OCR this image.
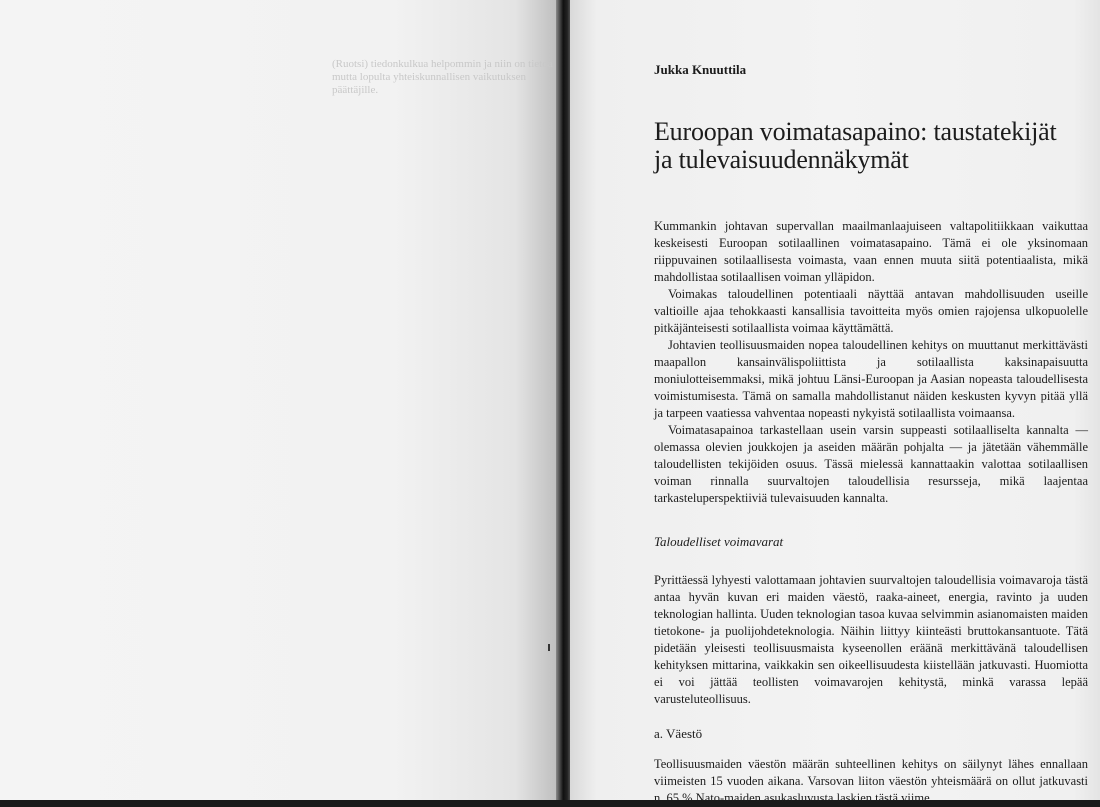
(Ruotsi) tiedonkulkua helpommin ja niin on tietoa
mutta lopulta yhteiskunnallisen vaikutuksen
päättäjille.
Jukka Knuuttila
Euroopan voimatasapaino: taustatekijät
ja tulevaisuudennäkymät

Kummankin johtavan supervallan maailmanlaajuiseen valtapolitiikkaan vaikuttaa keskeisesti Euroopan sotilaallinen voimatasapaino. Tämä ei ole yksinomaan riippuvainen sotilaallisesta voimasta, vaan ennen muuta siitä potentiaalista, mikä mahdollistaa sotilaallisen voiman ylläpidon.

Voimakas taloudellinen potentiaali näyttää antavan mahdollisuuden useille valtioille ajaa tehokkaasti kansallisia tavoitteita myös omien rajojensa ulkopuolelle pitkäjänteisesti sotilaallista voimaa käyttämättä.

Johtavien teollisuusmaiden nopea taloudellinen kehitys on muuttanut merkittävästi maapallon kansainvälispoliittista ja sotilaallista kaksinapaisuutta moniulotteisemmaksi, mikä johtuu Länsi-Euroopan ja Aasian nopeasta taloudellisesta voimistumisesta. Tämä on samalla mahdollistanut näiden keskusten kyvyn pitää yllä ja tarpeen vaatiessa vahventaa nopeasti nykyistä sotilaallista voimaansa.

Voimatasapainoa tarkastellaan usein varsin suppeasti sotilaalliselta kannalta — olemassa olevien joukkojen ja aseiden määrän pohjalta — ja jätetään vähemmälle taloudellisten tekijöiden osuus. Tässä mielessä kannattaakin valottaa sotilaallisen voiman rinnalla suurvaltojen taloudellisia resursseja, mikä laajentaa tarkasteluperspektiiviä tulevaisuuden kannalta.

Taloudelliset voimavarat

Pyrittäessä lyhyesti valottamaan johtavien suurvaltojen taloudellisia voimavaroja tästä antaa hyvän kuvan eri maiden väestö, raaka-aineet, energia, ravinto ja uuden teknologian hallinta. Uuden teknologian tasoa kuvaa selvimmin asianomaisten maiden tietokone- ja puolijohdeteknologia. Näihin liittyy kiinteästi bruttokansantuote. Tätä pidetään yleisesti teollisuusmaista kyseenollen eräänä merkittävänä taloudellisen kehityksen mittarina, vaikkakin sen oikeellisuudesta kiistellään jatkuvasti. Huomiotta ei voi jättää teollisten voimavarojen kehitystä, minkä varassa lepää varusteluteollisuus.

a. Väestö

Teollisuusmaiden väestön määrän suhteellinen kehitys on säilynyt lähes ennallaan viimeisten 15 vuoden aikana. Varsovan liiton väestön yhteismäärä on ollut jatkuvasti n. 65 % Nato-maiden asukasluvusta laskien tästä viime
